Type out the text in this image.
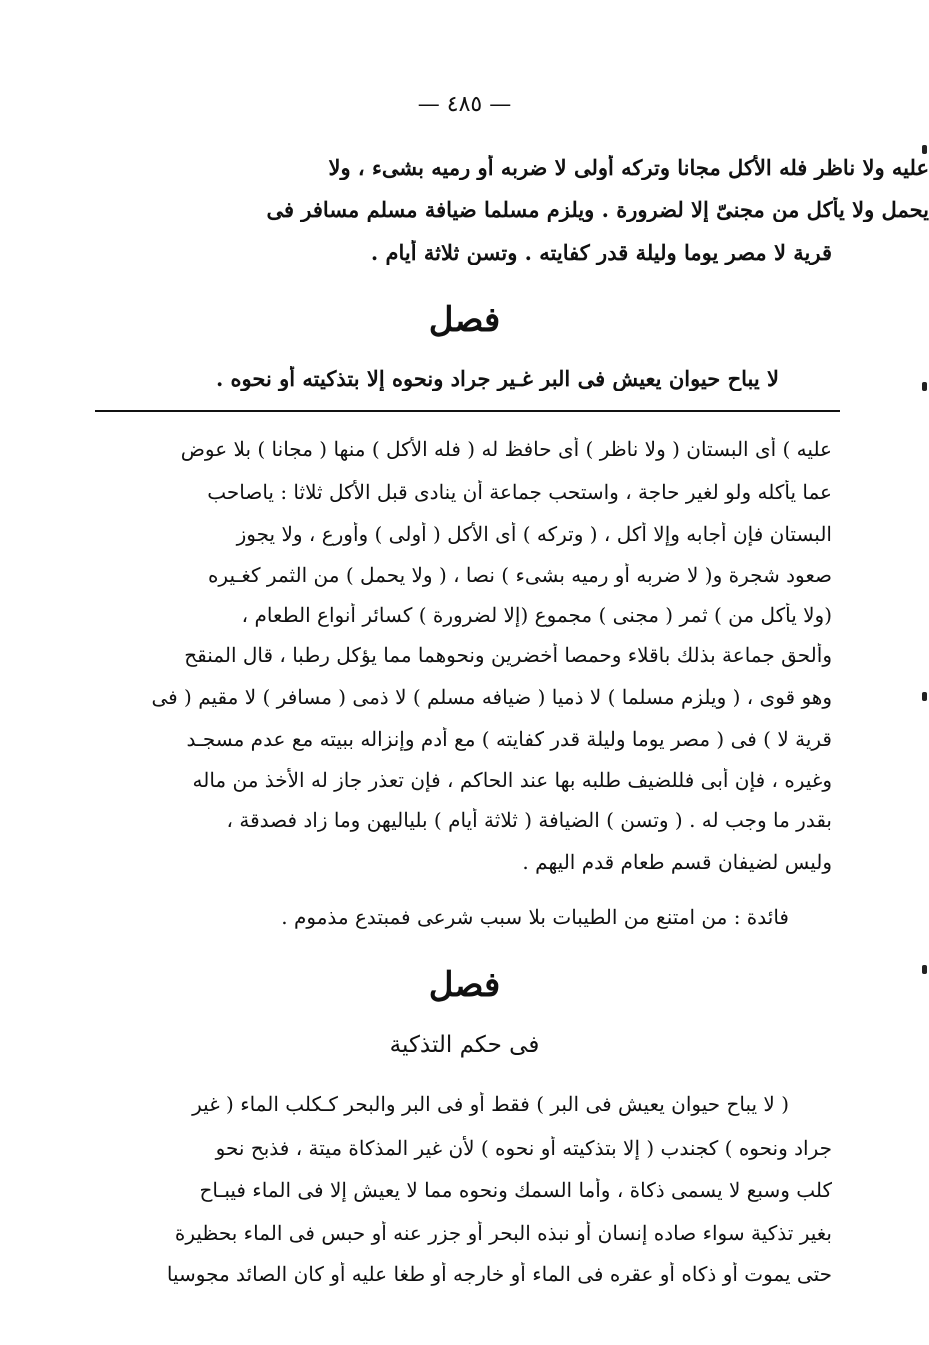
— ٤٨٥ —
عليه ولا ناظر فله الأكل مجانا وتركه أولى لا ضربه أو رميه بشىء ، ولا
يحمل ولا يأكل من مجنىّ إلا لضرورة . ويلزم مسلما ضيافة مسلم مسافر فى
قرية لا مصر يوما وليلة قدر كفايته . وتسن ثلاثة أيام .
فصل
لا يباح حيوان يعيش فى البر غـير جراد ونحوه إلا بتذكيته أو نحوه .
عليه ) أى البستان ( ولا ناظر ) أى حافظ له ( فله الأكل ) منها ( مجانا ) بلا عوض
عما يأكله ولو لغير حاجة ، واستحب جماعة أن ينادى قبل الأكل ثلاثا : ياصاحب
البستان فإن أجابه وإلا أكل ، ( وتركه ) أى الأكل ( أولى ) وأورع ، ولا يجوز
صعود شجرة و( لا ضربه أو رميه بشىء ) نصا ، ( ولا يحمل ) من الثمر كغـيره
(ولا يأكل من ) ثمر ( مجنى ) مجموع (إلا لضرورة ) كسائر أنواع الطعام ،
وألحق جماعة بذلك باقلاء وحمصا أخضرين ونحوهما مما يؤكل رطبا ، قال المنقح
وهو قوى ، ( ويلزم مسلما ) لا ذميا ( ضيافه مسلم ) لا ذمى ( مسافر ) لا مقيم ( فى
قرية لا ) فى ( مصر يوما وليلة قدر كفايته ) مع أدم وإنزاله ببيته مع عدم مسجـد
وغيره ، فإن أبى فللضيف طلبه بها عند الحاكم ، فإن تعذر جاز له الأخذ من ماله
بقدر ما وجب له . ( وتسن ) الضيافة ( ثلاثة أيام ) بلياليهن وما زاد فصدقة ،
وليس لضيفان قسم طعام قدم اليهم .
فائدة : من امتنع من الطيبات بلا سبب شرعى فمبتدع مذموم .
فصل
فى حكم التذكية
( لا يباح حيوان يعيش فى البر ) فقط أو فى البر والبحر كـكلب الماء ( غير
جراد ونحوه ) كجندب ( إلا بتذكيته أو نحوه ) لأن غير المذكاة ميتة ، فذبح نحو
كلب وسبع لا يسمى ذكاة ، وأما السمك ونحوه مما لا يعيش إلا فى الماء فيبـاح
بغير تذكية سواء صاده إنسان أو نبذه البحر أو جزر عنه أو حبس فى الماء بحظيرة
حتى يموت أو ذكاه أو عقره فى الماء أو خارجه أو طغا عليه أو كان الصائد مجوسيا
